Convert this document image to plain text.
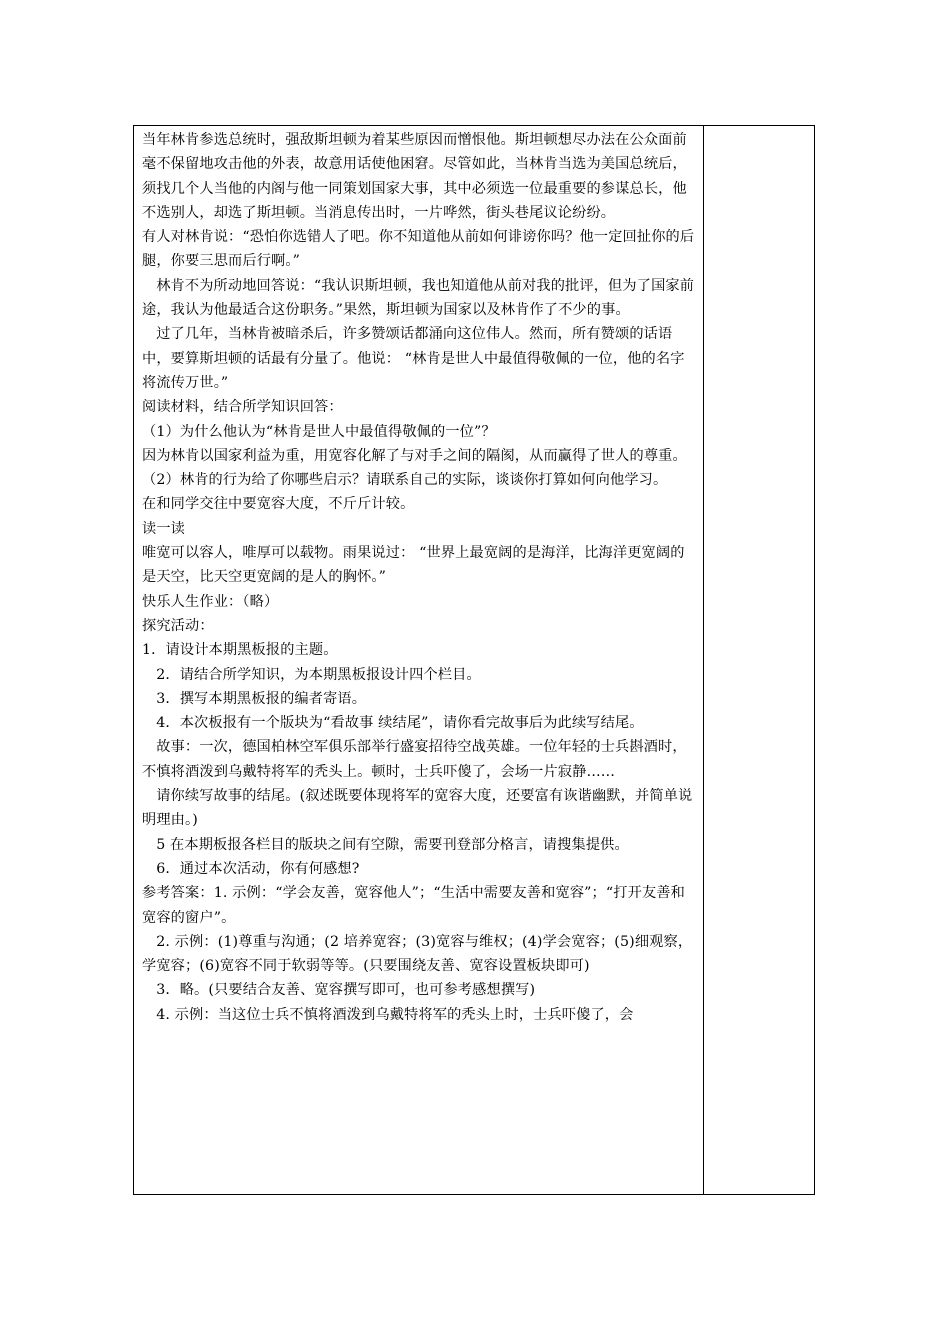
当年林肯参选总统时，强敌斯坦顿为着某些原因而憎恨他。斯坦顿想尽办法在公众面前毫不保留地攻击他的外表，故意用话使他困窘。尽管如此，当林肯当选为美国总统后，须找几个人当他的内阁与他一同策划国家大事，其中必须选一位最重要的参谋总长，他不选别人，却选了斯坦顿。当消息传出时，一片哗然，街头巷尾议论纷纷。

有人对林肯说：“恐怕你选错人了吧。你不知道他从前如何诽谤你吗？他一定回扯你的后腿，你要三思而后行啊。”

林肯不为所动地回答说：“我认识斯坦顿，我也知道他从前对我的批评，但为了国家前途，我认为他最适合这份职务。”果然，斯坦顿为国家以及林肯作了不少的事。

过了几年，当林肯被暗杀后，许多赞颂话都涌向这位伟人。然而，所有赞颂的话语中，要算斯坦顿的话最有分量了。他说： “林肯是世人中最值得敬佩的一位，他的名字将流传万世。”

阅读材料，结合所学知识回答：

（1）为什么他认为“林肯是世人中最值得敬佩的一位”？

因为林肯以国家利益为重，用宽容化解了与对手之间的隔阂，从而赢得了世人的尊重。

（2）林肯的行为给了你哪些启示？请联系自己的实际，谈谈你打算如何向他学习。

在和同学交往中要宽容大度，不斤斤计较。

读一读

唯宽可以容人，唯厚可以载物。雨果说过： “世界上最宽阔的是海洋，比海洋更宽阔的是天空，比天空更宽阔的是人的胸怀。”

快乐人生作业：（略）

探究活动：

1．请设计本期黑板报的主题。

2．请结合所学知识，为本期黑板报设计四个栏目。

3．撰写本期黑板报的编者寄语。

4．本次板报有一个版块为“看故事 续结尾”，请你看完故事后为此续写结尾。

故事：一次，德国柏林空军俱乐部举行盛宴招待空战英雄。一位年轻的士兵斟酒时，不慎将酒泼到乌戴特将军的秃头上。顿时，士兵吓傻了，会场一片寂静……

请你续写故事的结尾。(叙述既要体现将军的宽容大度，还要富有诙谐幽默，并简单说明理由。)

5 在本期板报各栏目的版块之间有空隙，需要刊登部分格言，请搜集提供。

6．通过本次活动，你有何感想?

参考答案：1. 示例：“学会友善，宽容他人”；“生活中需要友善和宽容”；“打开友善和宽容的窗户”。

2. 示例：(1)尊重与沟通；(2 培养宽容；(3)宽容与维权；(4)学会宽容；(5)细观察，学宽容；(6)宽容不同于软弱等等。(只要围绕友善、宽容设置板块即可)

3．略。(只要结合友善、宽容撰写即可，也可参考感想撰写)

4. 示例：当这位士兵不慎将酒泼到乌戴特将军的秃头上时，士兵吓傻了，会
